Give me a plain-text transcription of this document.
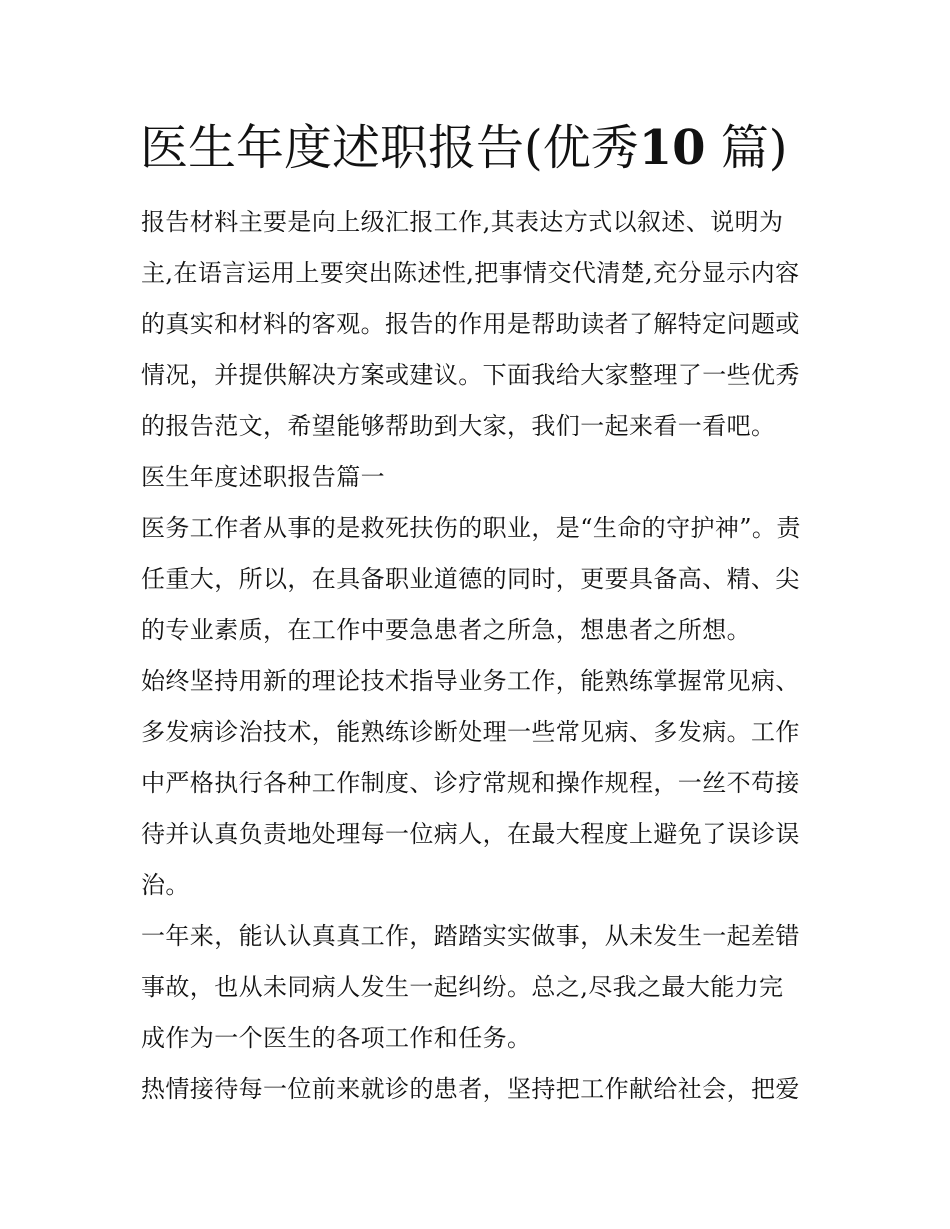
医生年度述职报告(优秀10 篇)

报告材料主要是向上级汇报工作,其表达方式以叙述、说明为

主,在语言运用上要突出陈述性,把事情交代清楚,充分显示内容

的真实和材料的客观。报告的作用是帮助读者了解特定问题或

情况，并提供解决方案或建议。下面我给大家整理了一些优秀

的报告范文，希望能够帮助到大家，我们一起来看一看吧。

医生年度述职报告篇一

医务工作者从事的是救死扶伤的职业，是“生命的守护神”。责

任重大，所以，在具备职业道德的同时，更要具备高、精、尖

的专业素质，在工作中要急患者之所急，想患者之所想。

始终坚持用新的理论技术指导业务工作，能熟练掌握常见病、

多发病诊治技术，能熟练诊断处理一些常见病、多发病。工作

中严格执行各种工作制度、诊疗常规和操作规程，一丝不苟接

待并认真负责地处理每一位病人，在最大程度上避免了误诊误

治。

一年来，能认认真真工作，踏踏实实做事，从未发生一起差错

事故，也从未同病人发生一起纠纷。总之,尽我之最大能力完

成作为一个医生的各项工作和任务。

热情接待每一位前来就诊的患者，坚持把工作献给社会，把爱
